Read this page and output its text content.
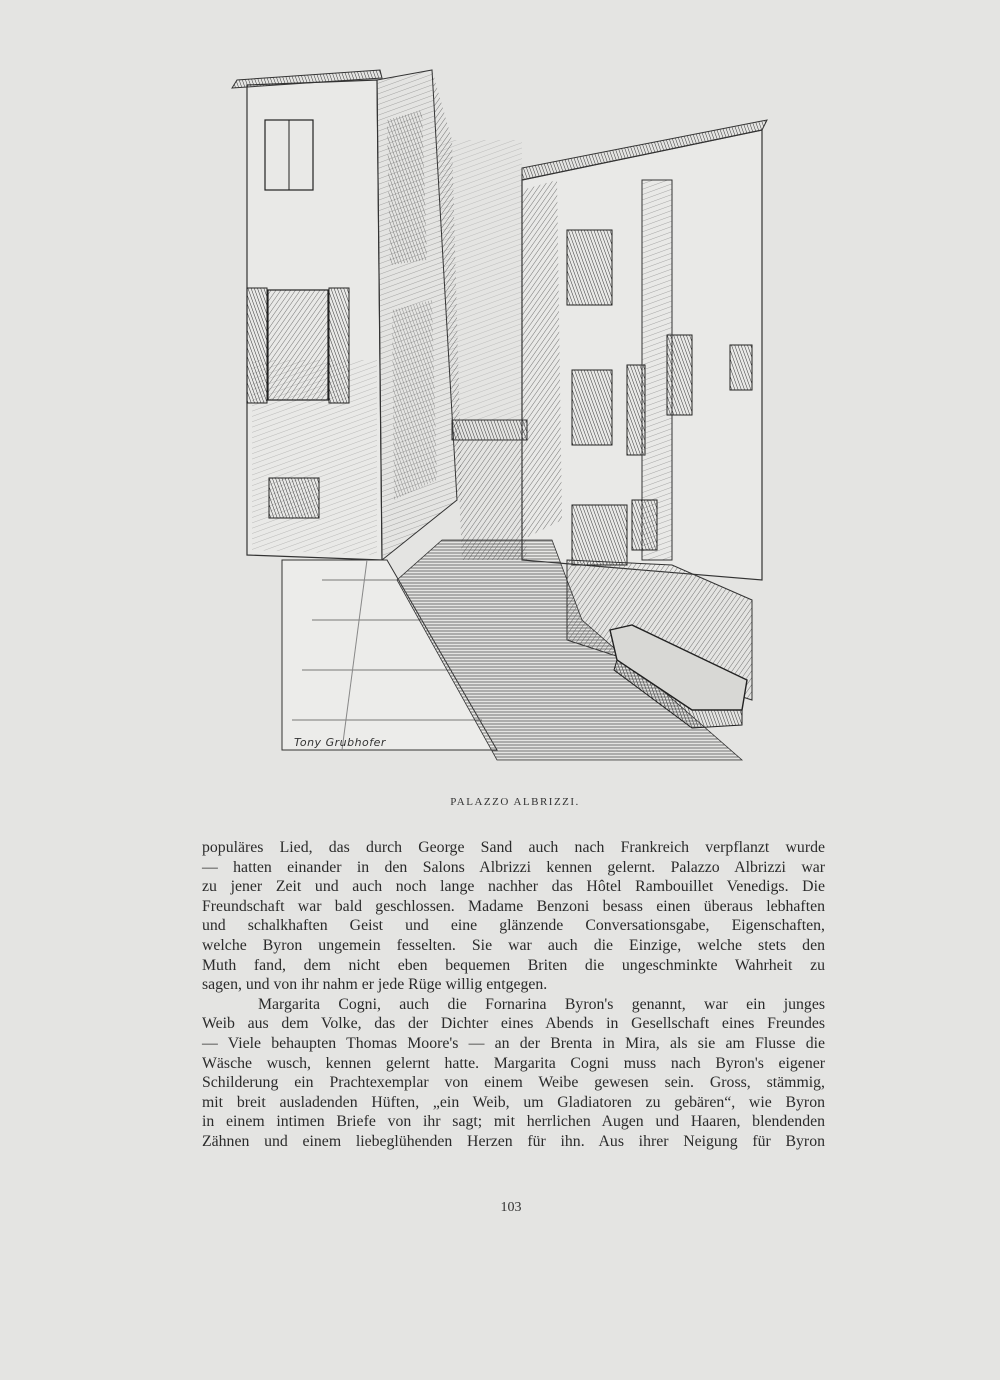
Tony Grubhofer
PALAZZO ALBRIZZI.
populäres Lied, das durch George Sand auch nach Frankreich verpflanzt wurde
— hatten einander in den Salons Albrizzi kennen gelernt. Palazzo Albrizzi war
zu jener Zeit und auch noch lange nachher das Hôtel Rambouillet Venedigs. Die
Freundschaft war bald geschlossen. Madame Benzoni besass einen überaus lebhaften
und schalkhaften Geist und eine glänzende Conversationsgabe, Eigenschaften,
welche Byron ungemein fesselten. Sie war auch die Einzige, welche stets den
Muth fand, dem nicht eben bequemen Briten die ungeschminkte Wahrheit zu
sagen, und von ihr nahm er jede Rüge willig entgegen.
Margarita Cogni, auch die Fornarina Byron's genannt, war ein junges
Weib aus dem Volke, das der Dichter eines Abends in Gesellschaft eines Freundes
— Viele behaupten Thomas Moore's — an der Brenta in Mira, als sie am Flusse die
Wäsche wusch, kennen gelernt hatte. Margarita Cogni muss nach Byron's eigener
Schilderung ein Prachtexemplar von einem Weibe gewesen sein. Gross, stämmig,
mit breit ausladenden Hüften, „ein Weib, um Gladiatoren zu gebären“, wie Byron
in einem intimen Briefe von ihr sagt; mit herrlichen Augen und Haaren, blendenden
Zähnen und einem liebeglühenden Herzen für ihn. Aus ihrer Neigung für Byron
103
